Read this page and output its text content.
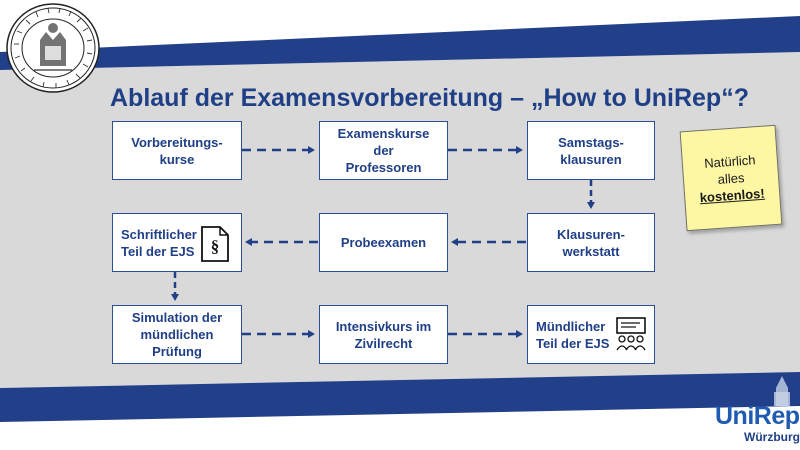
Ablauf der Examensvorbereitung – „How to UniRep“?
Vorbereitungs-
kurse
Examenskurse der
Professoren
Samstags-
klausuren
Schriftlicher
Teil der EJS §	Probeexamen
Klausuren-
werkstatt
Simulation der
mündlichen
Prüfung
Intensivkurs im
Zivilrecht
Mündlicher
Teil der EJS
Natürlich
alles
kostenlos!
UniRep
Würzburg
